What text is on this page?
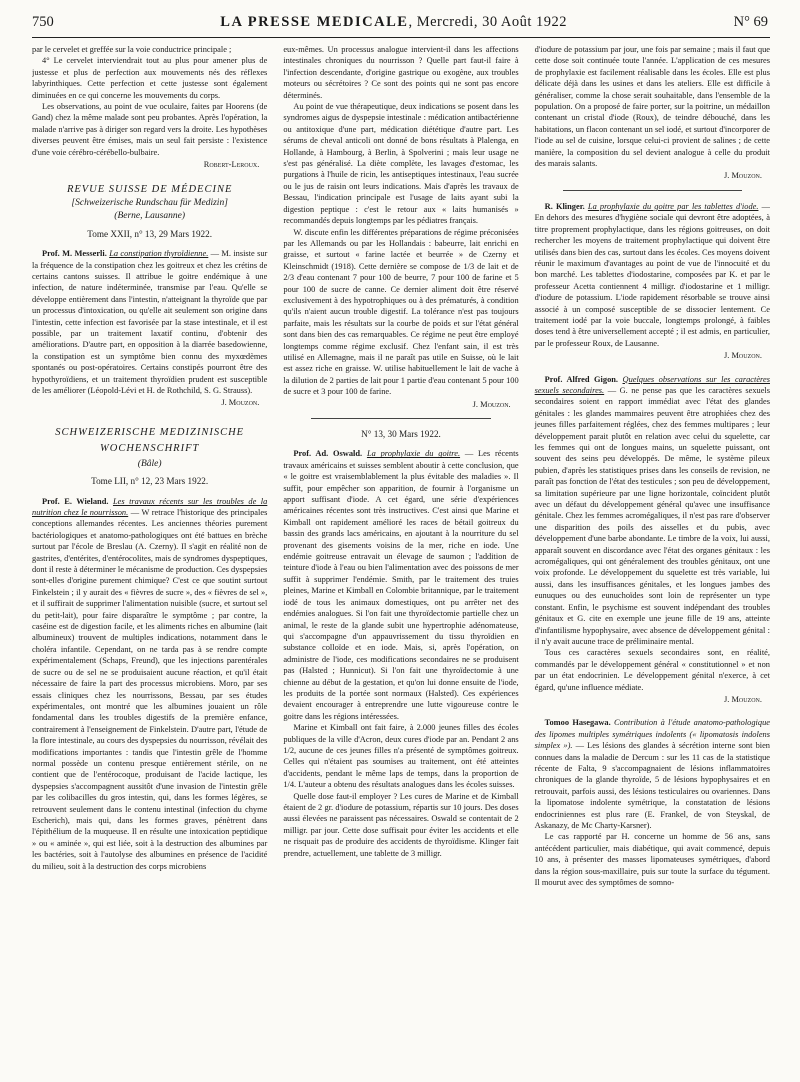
750	LA PRESSE MEDICALE, Mercredi, 30 Août 1922	N° 69

par le cervelet et greffée sur la voie conductrice principale ;

4° Le cervelet interviendrait tout au plus pour amener plus de justesse et plus de perfection aux mouvements nés des réflexes labyrinthiques. Cette perfection et cette justesse sont également diminuées en ce qui concerne les mouvements du corps.

Les observations, au point de vue oculaire, faites par Hoorens (de Gand) chez la même malade sont peu probantes. Après l'opération, la malade n'arrive pas à diriger son regard vers la droite. Les hypothèses diverses peuvent être émises, mais un seul fait persiste : l'existence d'une voie cérébro-cérébello-bulbaire.

Robert-Leroux.
REVUE SUISSE DE MÉDECINE
[Schweizerische Rundschau für Medizin]
(Berne, Lausanne)
Tome XXII, n° 13, 29 Mars 1922.

Prof. M. Messerli. La constipation thyroïdienne. — M. insiste sur la fréquence de la constipation chez les goitreux et chez les crétins de certains cantons suisses. Il attribue le goitre endémique à une infection, de nature indéterminée, transmise par l'eau. Qu'elle se développe entièrement dans l'intestin, n'atteignant la thyroïde que par un processus d'intoxication, ou qu'elle ait seulement son origine dans l'intestin, cette infection est favorisée par la stase intestinale, et il est possible, par un traitement laxatif continu, d'obtenir des améliorations. D'autre part, en opposition à la diarrée basedowienne, la constipation est un symptôme bien connu des myxœdèmes spontanés ou post-opératoires. Certains constipés pourront être des hypothyroïdiens, et un traitement thyroïdien prudent est susceptible de les améliorer (Léopold-Lévi et H. de Rothchild, S. G. Strauss).

J. Mouzon.
SCHWEIZERISCHE MEDIZINISCHE WOCHENSCHRIFT
(Bâle)
Tome LII, n° 12, 23 Mars 1922.

Prof. E. Wieland. Les travaux récents sur les troubles de la nutrition chez le nourrisson. — W retrace l'historique des principales conceptions allemandes récentes. Les anciennes théories purement bactériologiques et anatomo-pathologiques ont été battues en brèche surtout par l'école de Breslau (A. Czerny). Il s'agit en réalité non de gastrites, d'entérites, d'entérocolites, mais de syndromes dyspeptiques, dont il reste à déterminer le mécanisme de production. Ces dyspepsies sont-elles d'origine purement chimique? C'est ce que soutint surtout Finkelstein ; il y aurait des « fièvres de sucre », des « fièvres de sel », et il suffirait de supprimer l'alimentation nuisible (sucre, et surtout sel du petit-lait), pour faire disparaître le symptôme ; par contre, la caséine est de digestion facile, et les aliments riches en albumine (lait albumineux) trouvent de multiples indications, notamment dans le choléra infantile. Cependant, on ne tarda pas à se rendre compte expérimentalement (Schaps, Freund), que les injections parentérales de sucre ou de sel ne se produisaient aucune réaction, et qu'il était nécessaire de faire la part des processus microbiens. Moro, par ses essais cliniques chez les nourrissons, Bessau, par ses études expérimentales, ont montré que les albumines jouaient un rôle fondamental dans les troubles digestifs de la première enfance, contrairement à l'enseignement de Finkelstein. D'autre part, l'étude de la flore intestinale, au cours des dyspepsies du nourrisson, révélait des modifications importantes : tandis que l'intestin grêle de l'homme normal possède un contenu presque entièrement stérile, on ne contient que de l'entérocoque, produisant de l'acide lactique, les dyspepsies s'accompagnent aussitôt d'une invasion de l'intestin grêle par les colibacilles du gros intestin, qui, dans les formes légères, se retrouvent seulement dans le contenu intestinal (infection du chyme Escherich), mais qui, dans les formes graves, pénètrent dans l'épithélium de la muqueuse. Il en résulte une intoxication peptidique » ou « aminée », qui est liée, soit à la destruction des albumines par les bactéries, soit à l'autolyse des albumines en présence de l'acidité du milieu, soit à la destruction des corps microbiens

eux-mêmes. Un processus analogue intervient-il dans les affections intestinales chroniques du nourrisson ? Quelle part faut-il faire à l'infection descendante, d'origine gastrique ou exogène, aux troubles moteurs ou sécrétoires ? Ce sont des points qui ne sont pas encore déterminés.

Au point de vue thérapeutique, deux indications se posent dans les syndromes aigus de dyspepsie intestinale : médication antibactérienne ou antitoxique d'une part, médication diététique d'autre part. Les sérums de cheval anticoli ont donné de bons résultats à Plalenga, en Hollande, à Hambourg, à Berlin, à Spolverini ; mais leur usage ne s'est pas généralisé. La diète complète, les lavages d'estomac, les purgations à l'huile de ricin, les antiseptiques intestinaux, l'eau sucrée ou le jus de raisin ont leurs indications. Mais d'après les travaux de Bessau, l'indication principale est l'usage de laits ayant subi la digestion peptique : c'est le retour aux « laits humanisés » recommandés depuis longtemps par les pédiatres français.

W. discute enfin les différentes préparations de régime préconisées par les Allemands ou par les Hollandais : babeurre, lait enrichi en graisse, et surtout « farine lactée et beurrée » de Czerny et Kleinschmidt (1918). Cette dernière se compose de 1/3 de lait et de 2/3 d'eau contenant 7 pour 100 de beurre, 7 pour 100 de farine et 5 pour 100 de sucre de canne. Ce dernier aliment doit être réservé exclusivement à des hypotrophiques ou à des prématurés, à condition qu'ils n'aient aucun trouble digestif. La tolérance n'est pas toujours parfaite, mais les résultats sur la courbe de poids et sur l'état général sont dans bien des cas remarquables. Ce régime ne peut être employé longtemps comme régime exclusif. Chez l'enfant sain, il est très utilisé en Allemagne, mais il ne paraît pas utile en Suisse, où le lait est assez riche en graisse. W. utilise habituellement le lait de vache à la dilution de 2 parties de lait pour 1 partie d'eau contenant 5 pour 100 de sucre et 3 pour 100 de farine.

J. Mouzon.
N° 13, 30 Mars 1922.

Prof. Ad. Oswald. La prophylaxie du goitre. — Les récents travaux américains et suisses semblent aboutir à cette conclusion, que « le goitre est vraisemblablement la plus évitable des maladies ». Il suffit, pour empêcher son apparition, de fournir à l'organisme un apport suffisant d'iode. A cet égard, une série d'expériences américaines récentes sont très instructives. C'est ainsi que Marine et Kimball ont rapidement amélioré les races de bétail goitreux du bassin des grands lacs américains, en ajoutant à la nourriture du sel provenant des gisements voisins de la mer, riche en iode. Une endémie goitreuse entravait un élevage de saumon ; l'addition de teinture d'iode à l'eau ou bien l'alimentation avec des poissons de mer suffit à supprimer l'endémie. Smith, par le traitement des truies pleines, Marine et Kimball en Colombie britannique, par le traitement iodé de tous les animaux domestiques, ont pu arrêter net des endémies analogues. Si l'on fait une thyroïdectomie partielle chez un animal, le reste de la glande subit une hypertrophie adénomateuse, qui s'accompagne d'un appauvrissement du tissu thyroïdien en substance colloïde et en iode. Mais, si, après l'opération, on administre de l'iode, ces modifications secondaires ne se produisent pas (Halsted ; Hunnicut). Si l'on fait une thyroïdectomie à une chienne au début de la gestation, et qu'on lui donne ensuite de l'iode, les produits de la portée sont normaux (Halsted). Ces expériences devaient encourager à entreprendre une lutte vigoureuse contre le goitre dans les régions intéressées.

Marine et Kimball ont fait faire, à 2.000 jeunes filles des écoles publiques de la ville d'Acron, deux cures d'iode par an. Pendant 2 ans 1/2, aucune de ces jeunes filles n'a présenté de symptômes goitreux. Celles qui n'étaient pas soumises au traitement, ont été atteintes d'accidents, pendant le même laps de temps, dans la proportion de 1/4. L'auteur a obtenu des résultats analogues dans les écoles suisses.

Quelle dose faut-il employer ? Les cures de Marine et de Kimball étaient de 2 gr. d'iodure de potassium, répartis sur 10 jours. Des doses aussi élevées ne paraissent pas nécessaires. Oswald se contentait de 2 milligr. par jour. Cette dose suffisait pour éviter les accidents et elle ne risquait pas de produire des accidents de thyroïdisme. Klinger fait prendre, actuellement, une tablette de 3 milligr.

d'iodure de potassium par jour, une fois par semaine ; mais il faut que cette dose soit continuée toute l'année. L'application de ces mesures de prophylaxie est facilement réalisable dans les écoles. Elle est plus délicate déjà dans les usines et dans les ateliers. Elle est difficile à généraliser, comme la chose serait souhaitable, dans l'ensemble de la population. On a proposé de faire porter, sur la poitrine, un médaillon contenant un cristal d'iode (Roux), de teindre débouché, dans les habitations, un flacon contenant un sel iodé, et surtout d'incorporer de l'iode au sel de cuisine, lorsque celui-ci provient de salines ; de cette manière, la composition du sel devient analogue à celle du produit des marais salants.

J. Mouzon.

R. Klinger. La prophylaxie du goitre par les tablettes d'iode. — En dehors des mesures d'hygiène sociale qui devront être adoptées, à titre proprement prophylactique, dans les régions goitreuses, on doit rechercher les moyens de traitement prophylactique qui doivent être utilisés dans bien des cas, surtout dans les écoles. Ces moyens doivent réunir le maximum d'avantages au point de vue de l'innocuité et du bon marché. Les tablettes d'iodostarine, composées par K. et par le professeur Acetta contiennent 4 milligr. d'iodostarine et 1 milligr. d'iodure de potassium. L'iode rapidement résorbable se trouve ainsi associé à un composé susceptible de se dissocier lentement. Ce traitement iodé par la voie buccale, longtemps prolongé, à faibles doses tend à être universellement accepté ; il est admis, en particulier, par le professeur Roux, de Lausanne.

J. Mouzon.

Prof. Alfred Gigon. Quelques observations sur les caractères sexuels secondaires. — G. ne pense pas que les caractères sexuels secondaires soient en rapport immédiat avec l'état des glandes génitales : les glandes mammaires peuvent être atrophiées chez des jeunes filles parfaitement réglées, chez des femmes multipares ; leur développement parait plutôt en relation avec celui du squelette, car les femmes qui ont de longues mains, un squelette puissant, ont souvent des seins peu développés. De même, le système pileux pubien, d'après les statistiques prises dans les conseils de revision, ne paraît pas fonction de l'état des testicules ; son peu de développement, sa limitation supérieure par une ligne horizontale, coïncident plutôt avec un défaut du développement général qu'avec une insuffisance génitale. Chez les femmes acromégaliques, il n'est pas rare d'observer une disparition des poils des aisselles et du pubis, avec développement d'une barbe abondante. Le timbre de la voix, lui aussi, apparaît souvent en discordance avec l'état des organes génitaux : les acromégaliques, qui ont généralement des troubles génitaux, ont une voix profonde. Le développement du squelette est très variable, lui aussi, dans les insuffisances génitales, et les longues jambes des eunuques ou des eunuchoïdes sont loin de représenter un type constant. Enfin, le psychisme est souvent indépendant des troubles génitaux et G. cite en exemple une jeune fille de 19 ans, atteinte d'infantilisme hypophysaire, avec absence de développement génital : il n'y avait aucune trace de préliminaire mental.

Tous ces caractères sexuels secondaires sont, en réalité, commandés par le développement général « constitutionnel » et non par un état endocrinien. Le développement génital n'exerce, à cet égard, qu'une influence médiate.

J. Mouzon.

Tomoo Hasegawa. Contribution à l'étude anatomo-pathologique des lipomes multiples symétriques indolents (« lipomatosis indolens simplex »). — Les lésions des glandes à sécrétion interne sont bien connues dans la maladie de Dercum : sur les 11 cas de la statistique récente de Falta, 9 s'accompagnaient de lésions inflammatoires chroniques de la glande thyroïde, 5 de lésions hypophysaires et en retrouvait, parfois aussi, des lésions testiculaires ou ovariennes. Dans la lipomatose indolente symétrique, la constatation de lésions endocriniennes est plus rare (E. Frankel, de von Steyskal, de Askanazy, de Mc Charty-Karsner).

Le cas rapporté par H. concerne un homme de 56 ans, sans antécédent particulier, mais diabétique, qui avait commencé, depuis 10 ans, à présenter des masses lipomateuses symétriques, d'abord dans la région sous-maxillaire, puis sur toute la surface du tégument. Il mourut avec des symptômes de somno-
